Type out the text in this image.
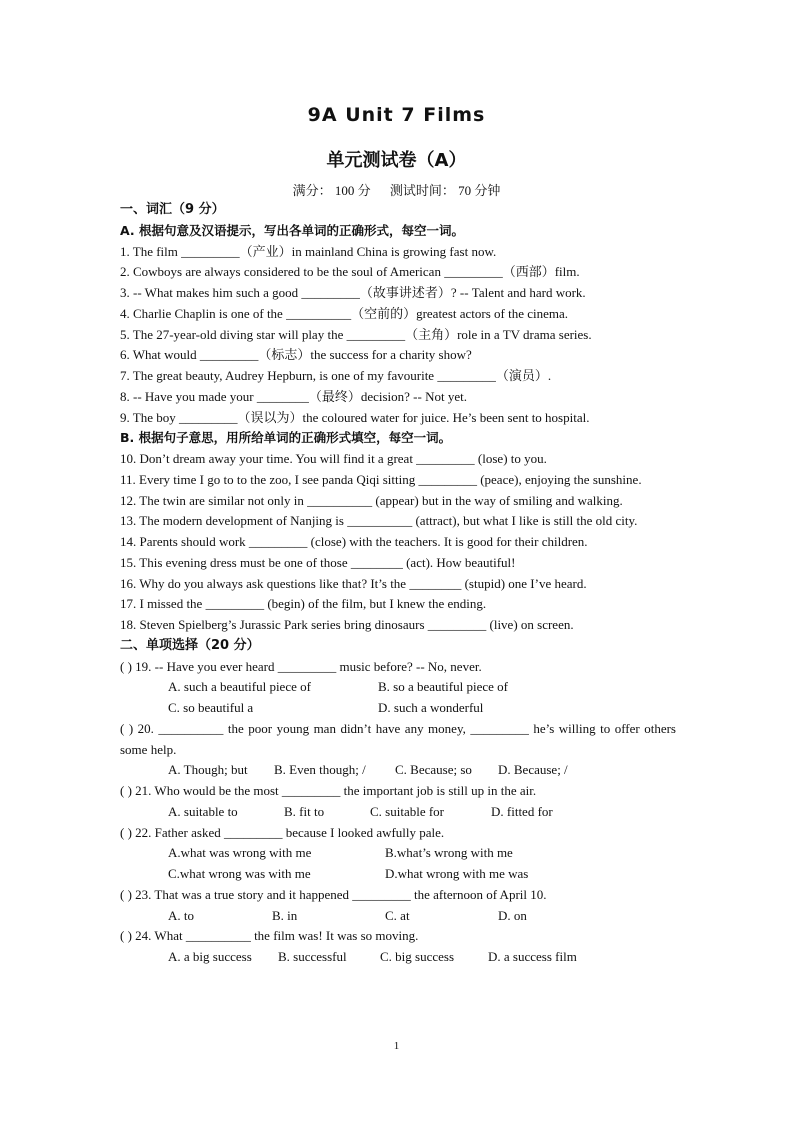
9A Unit 7 Films
单元测试卷（A）
满分： 100 分 测试时间： 70 分钟
一、词汇（9 分）
A. 根据句意及汉语提示，写出各单词的正确形式，每空一词。
1. The film _________（产业）in mainland China is growing fast now.
2. Cowboys are always considered to be the soul of American _________（西部）film.
3. -- What makes him such a good _________（故事讲述者）? -- Talent and hard work.
4. Charlie Chaplin is one of the __________（空前的）greatest actors of the cinema.
5. The 27-year-old diving star will play the _________（主角）role in a TV drama series.
6. What would _________（标志）the success for a charity show?
7. The great beauty, Audrey Hepburn, is one of my favourite _________（演员）.
8. -- Have you made your ________（最终）decision? -- Not yet.
9. The boy _________（误以为）the coloured water for juice. He’s been sent to hospital.
B. 根据句子意思，用所给单词的正确形式填空，每空一词。
10. Don’t dream away your time. You will find it a great _________ (lose) to you.
11. Every time I go to to the zoo, I see panda Qiqi sitting _________ (peace), enjoying the sunshine.
12. The twin are similar not only in __________ (appear) but in the way of smiling and walking.
13. The modern development of Nanjing is __________ (attract), but what I like is still the old city.
14. Parents should work _________ (close) with the teachers. It is good for their children.
15. This evening dress must be one of those ________ (act). How beautiful!
16. Why do you always ask questions like that? It’s the ________ (stupid) one I’ve heard.
17. I missed the _________ (begin) of the film, but I knew the ending.
18. Steven Spielberg’s Jurassic Park series bring dinosaurs _________ (live) on screen.
二、单项选择（20 分）
( ) 19. -- Have you ever heard _________ music before? -- No, never.
A. such a beautiful piece of	B. so a beautiful piece of
C. so beautiful a	D. such a wonderful
( ) 20. __________ the poor young man didn’t have any money, _________ he’s willing to offer others some help.
A. Though; but B. Even though; / C. Because; so D. Because; /
( ) 21. Who would be the most _________ the important job is still up in the air.
A. suitable to	B. fit to	C. suitable for	D. fitted for
( ) 22. Father asked _________ because I looked awfully pale.
A.what was wrong with me	B.what’s wrong with me
C.what wrong was with me	D.what wrong with me was
( ) 23. That was a true story and it happened _________ the afternoon of April 10.
A. to	B. in	C. at	D. on
( ) 24. What __________ the film was! It was so moving.
A. a big success B. successful	C. big success	D. a success film
1
